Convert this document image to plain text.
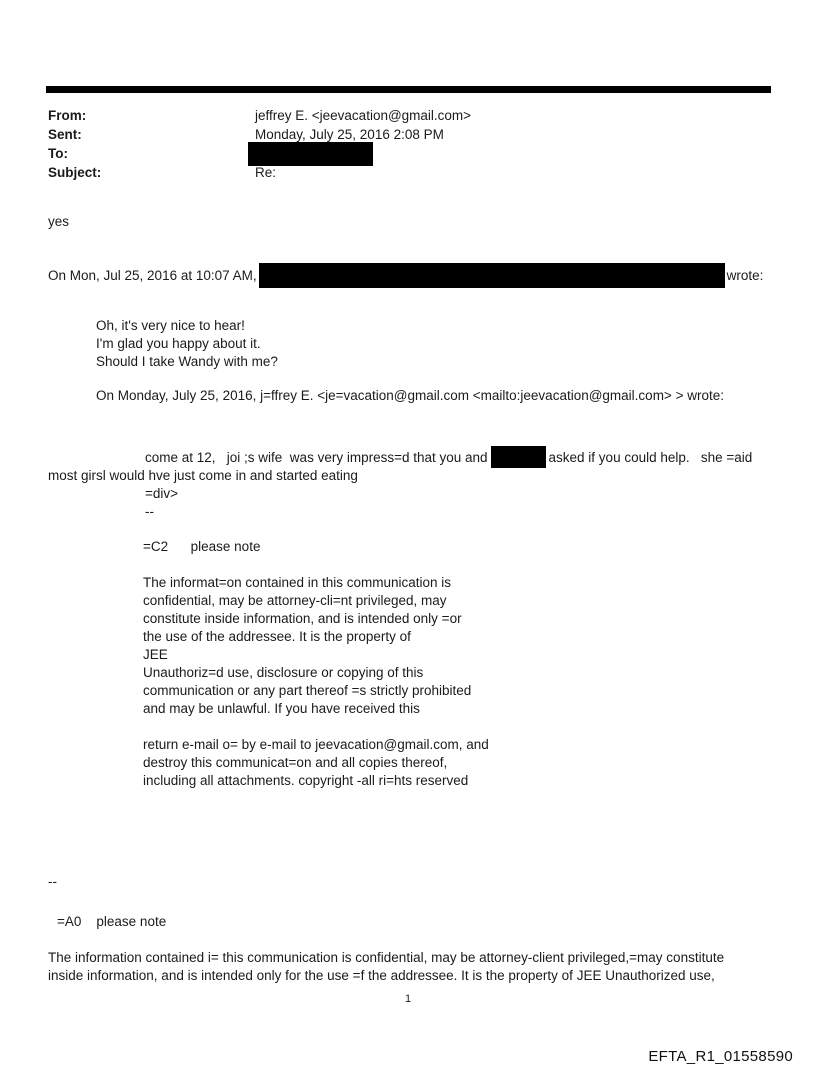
From:	jeffrey E. <jeevacation@gmail.com>
Sent:	Monday, July 25, 2016 2:08 PM
To:
Subject:	Re:
yes
On Mon, Jul 25, 2016 at 10:07 AM,	wrote:
Oh, it's very nice to hear!
I'm glad you happy about it.
Should I take Wandy with me?
On Monday, July 25, 2016, j=ffrey E. <je=vacation@gmail.com <mailto:jeevacation@gmail.com> > wrote:
come at 12,   joi ;s wife  was very impress=d that you and	asked if you could help.   she =aid
most girsl would hve just come in and started eating
=div>
--
=C2      please note
The informat=on contained in this communication is
confidential, may be attorney-cli=nt privileged, may
constitute inside information, and is intended only =or
the use of the addressee. It is the property of
JEE
Unauthoriz=d use, disclosure or copying of this
communication or any part thereof =s strictly prohibited
and may be unlawful. If you have received this
return e-mail o= by e-mail to jeevacation@gmail.com, and
destroy this communicat=on and all copies thereof,
including all attachments. copyright -all ri=hts reserved
--
=A0    please note
The information contained i= this communication is confidential, may be attorney-client privileged,=may constitute
inside information, and is intended only for the use =f the addressee. It is the property of JEE Unauthorized use,
1
EFTA_R1_01558590
